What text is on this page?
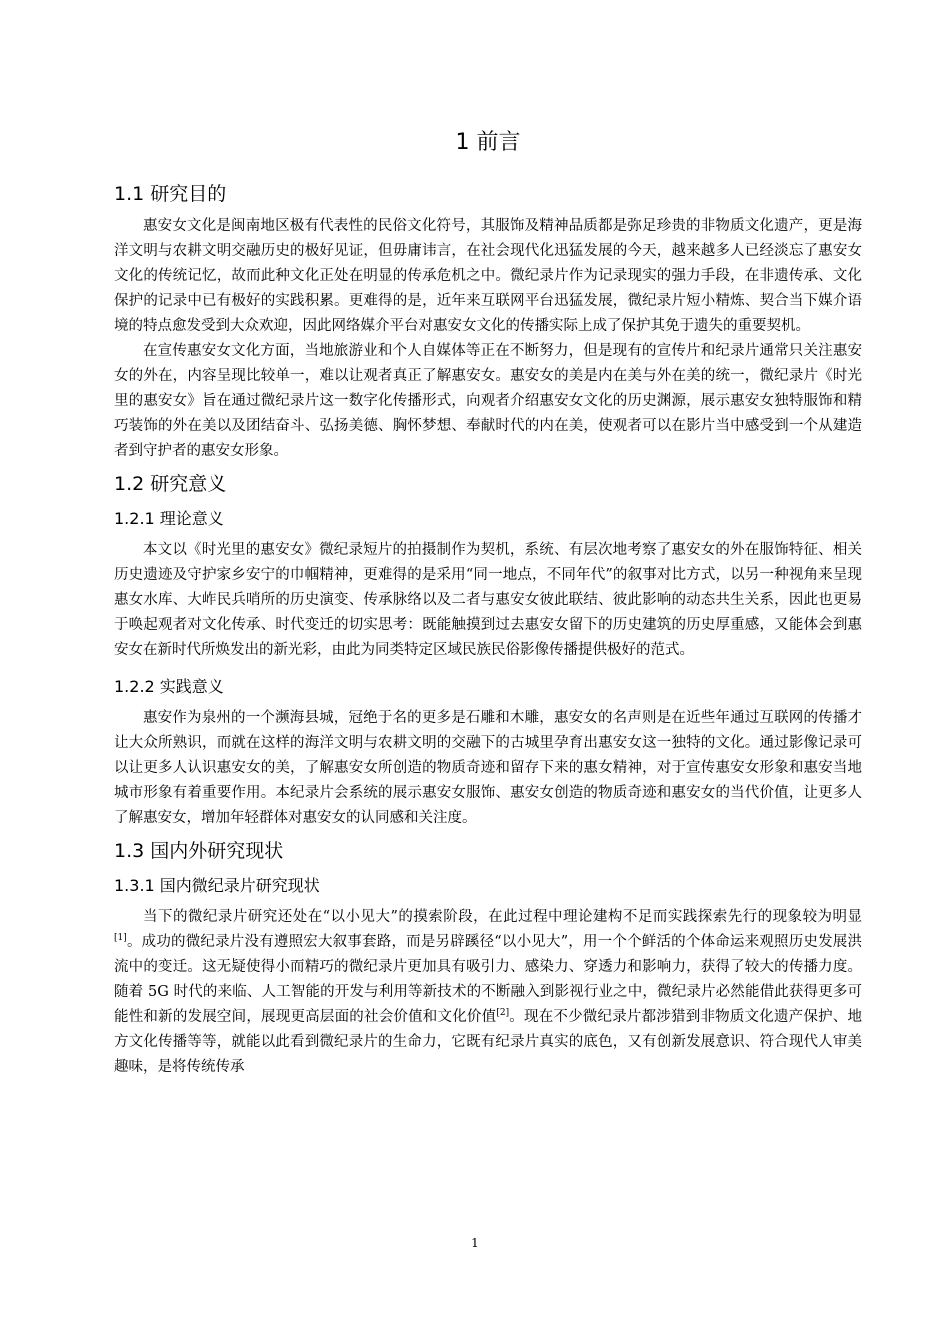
1 前言
1.1 研究目的

惠安女文化是闽南地区极有代表性的民俗文化符号，其服饰及精神品质都是弥足珍贵的非物质文化遗产，更是海洋文明与农耕文明交融历史的极好见证，但毋庸讳言，在社会现代化迅猛发展的今天，越来越多人已经淡忘了惠安女文化的传统记忆，故而此种文化正处在明显的传承危机之中。微纪录片作为记录现实的强力手段，在非遗传承、文化保护的记录中已有极好的实践积累。更难得的是，近年来互联网平台迅猛发展，微纪录片短小精炼、契合当下媒介语境的特点愈发受到大众欢迎，因此网络媒介平台对惠安女文化的传播实际上成了保护其免于遗失的重要契机。

在宣传惠安女文化方面，当地旅游业和个人自媒体等正在不断努力，但是现有的宣传片和纪录片通常只关注惠安女的外在，内容呈现比较单一，难以让观者真正了解惠安女。惠安女的美是内在美与外在美的统一，微纪录片《时光里的惠安女》旨在通过微纪录片这一数字化传播形式，向观者介绍惠安女文化的历史渊源，展示惠安女独特服饰和精巧装饰的外在美以及团结奋斗、弘扬美德、胸怀梦想、奉献时代的内在美，使观者可以在影片当中感受到一个从建造者到守护者的惠安女形象。

1.2 研究意义
1.2.1 理论意义

本文以《时光里的惠安女》微纪录短片的拍摄制作为契机，系统、有层次地考察了惠安女的外在服饰特征、相关历史遗迹及守护家乡安宁的巾帼精神，更难得的是采用“同一地点，不同年代”的叙事对比方式，以另一种视角来呈现惠女水库、大岞民兵哨所的历史演变、传承脉络以及二者与惠安女彼此联结、彼此影响的动态共生关系，因此也更易于唤起观者对文化传承、时代变迁的切实思考：既能触摸到过去惠安女留下的历史建筑的历史厚重感，又能体会到惠安女在新时代所焕发出的新光彩，由此为同类特定区域民族民俗影像传播提供极好的范式。

1.2.2 实践意义

惠安作为泉州的一个濒海县城，冠绝于名的更多是石雕和木雕，惠安女的名声则是在近些年通过互联网的传播才让大众所熟识，而就在这样的海洋文明与农耕文明的交融下的古城里孕育出惠安女这一独特的文化。通过影像记录可以让更多人认识惠安女的美，了解惠安女所创造的物质奇迹和留存下来的惠女精神，对于宣传惠安女形象和惠安当地城市形象有着重要作用。本纪录片会系统的展示惠安女服饰、惠安女创造的物质奇迹和惠安女的当代价值，让更多人了解惠安女，增加年轻群体对惠安女的认同感和关注度。

1.3 国内外研究现状
1.3.1 国内微纪录片研究现状

当下的微纪录片研究还处在“以小见大”的摸索阶段，在此过程中理论建构不足而实践探索先行的现象较为明显[1]。成功的微纪录片没有遵照宏大叙事套路，而是另辟蹊径“以小见大”，用一个个鲜活的个体命运来观照历史发展洪流中的变迁。这无疑使得小而精巧的微纪录片更加具有吸引力、感染力、穿透力和影响力，获得了较大的传播力度。随着 5G 时代的来临、人工智能的开发与利用等新技术的不断融入到影视行业之中，微纪录片必然能借此获得更多可能性和新的发展空间，展现更高层面的社会价值和文化价值[2]。现在不少微纪录片都涉猎到非物质文化遗产保护、地方文化传播等等，就能以此看到微纪录片的生命力，它既有纪录片真实的底色，又有创新发展意识、符合现代人审美趣味，是将传统传承

1
